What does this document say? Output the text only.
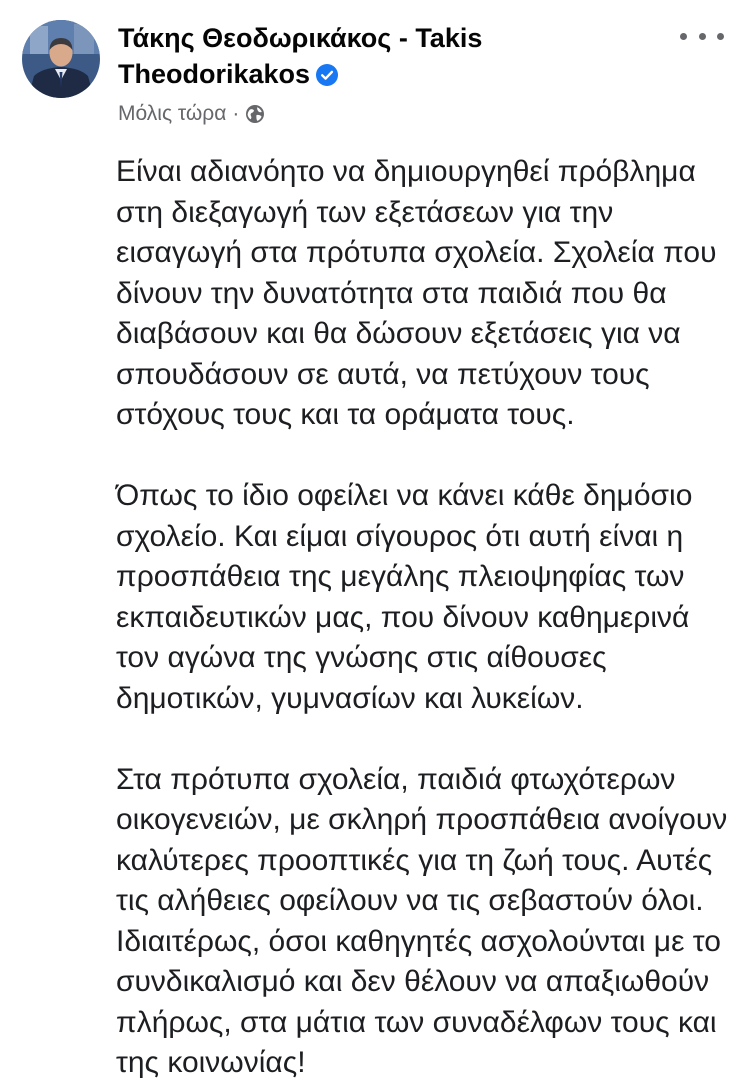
Τάκης Θεοδωρικάκος - Takis Theodorikakos
Μόλις τώρα ·

Είναι αδιανόητο να δημιουργηθεί πρόβλημα στη διεξαγωγή των εξετάσεων για την εισαγωγή στα πρότυπα σχολεία. Σχολεία που δίνουν την δυνατότητα στα παιδιά που θα διαβάσουν και θα δώσουν εξετάσεις για να σπουδάσουν σε αυτά, να πετύχουν τους στόχους τους και τα οράματα τους.

Όπως το ίδιο οφείλει να κάνει κάθε δημόσιο σχολείο. Και είμαι σίγουρος ότι αυτή είναι η προσπάθεια της μεγάλης πλειοψηφίας των εκπαιδευτικών μας, που δίνουν καθημερινά τον αγώνα της γνώσης στις αίθουσες δημοτικών, γυμνασίων και λυκείων.

Στα πρότυπα σχολεία, παιδιά φτωχότερων οικογενειών, με σκληρή προσπάθεια ανοίγουν καλύτερες προοπτικές για τη ζωή τους. Αυτές τις αλήθειες οφείλουν να τις σεβαστούν όλοι. Ιδιαιτέρως, όσοι καθηγητές ασχολούνται με το συνδικαλισμό και δεν θέλουν να απαξιωθούν πλήρως, στα μάτια των συναδέλφων τους και της κοινωνίας!
